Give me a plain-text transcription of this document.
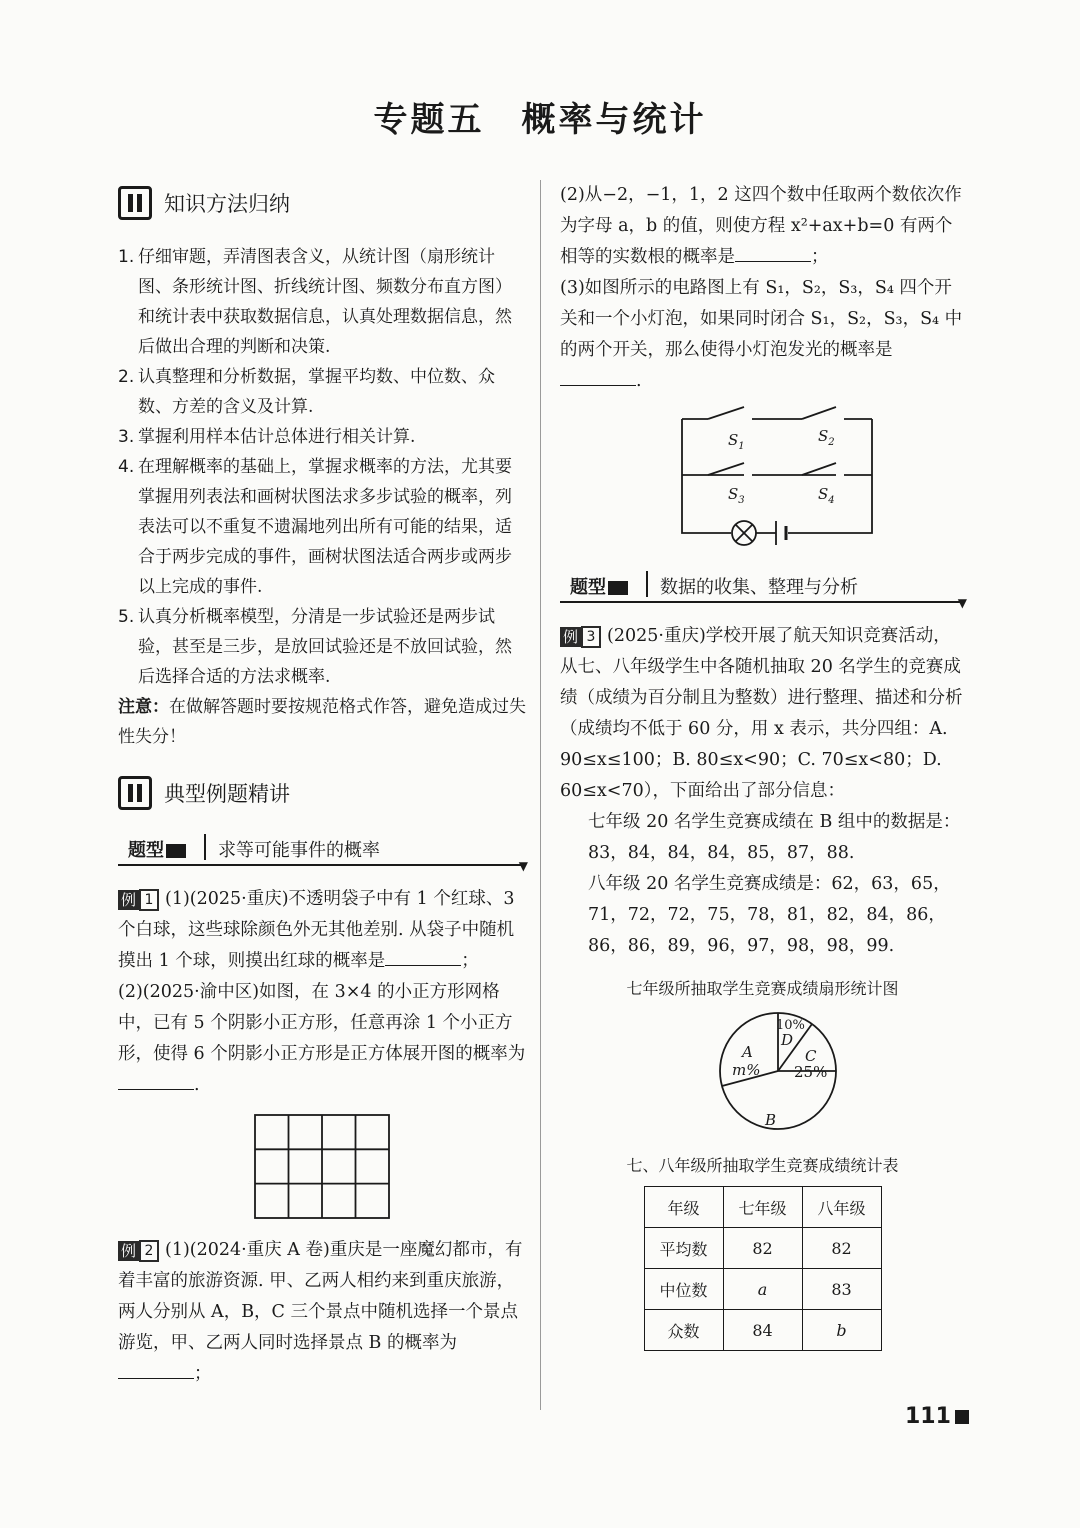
专题五　概率与统计
知识方法归纳
1. 仔细审题，弄清图表含义，从统计图（扇形统计图、条形统计图、折线统计图、频数分布直方图）和统计表中获取数据信息，认真处理数据信息，然后做出合理的判断和决策.
2. 认真整理和分析数据，掌握平均数、中位数、众数、方差的含义及计算.
3. 掌握利用样本估计总体进行相关计算.
4. 在理解概率的基础上，掌握求概率的方法，尤其要掌握用列表法和画树状图法求多步试验的概率，列表法可以不重复不遗漏地列出所有可能的结果，适合于两步完成的事件，画树状图法适合两步或两步以上完成的事件.
5. 认真分析概率模型，分清是一步试验还是两步试验，甚至是三步，是放回试验还是不放回试验，然后选择合适的方法求概率.
注意：在做解答题时要按规范格式作答，避免造成过失性失分！
典型例题精讲
题型	求等可能事件的概率
▼
例 1 (1)(2025·重庆)不透明袋子中有 1 个红球、3 个白球，这些球除颜色外无其他差别. 从袋子中随机摸出 1 个球，则摸出红球的概率是	；
(2)(2025·渝中区)如图，在 3×4 的小正方形网格中，已有 5 个阴影小正方形，任意再涂 1 个小正方形，使得 6 个阴影小正方形是正方体展开图的概率为.
例 2 (1)(2024·重庆 A 卷)重庆是一座魔幻都市，有着丰富的旅游资源. 甲、乙两人相约来到重庆旅游，两人分别从 A，B，C 三个景点中随机选择一个景点游览，甲、乙两人同时选择景点 B 的概率为；
(2)从−2，−1，1，2 这四个数中任取两个数依次作为字母 a，b 的值，则使方程 x²+ax+b=0 有两个相等的实数根的概率是	；
(3)如图所示的电路图上有 S₁，S₂，S₃，S₄ 四个开关和一个小灯泡，如果同时闭合 S₁，S₂，S₃，S₄ 中的两个开关，那么使得小灯泡发光的概率是.
$S_1$
$S_2$
$S_3$	$S_4$
题型	数据的收集、整理与分析
▼
例 3 (2025·重庆)学校开展了航天知识竞赛活动，从七、八年级学生中各随机抽取 20 名学生的竞赛成绩（成绩为百分制且为整数）进行整理、描述和分析（成绩均不低于 60 分，用 x 表示，共分四组：A. 90≤x≤100；B. 80≤x<90；C. 70≤x<80；D. 60≤x<70），下面给出了部分信息：
七年级 20 名学生竞赛成绩在 B 组中的数据是：83，84，84，84，85，87，88.
八年级 20 名学生竞赛成绩是：62，63，65，71，72，72，75，78，81，82，84，86，86，86，89，96，97，98，98，99.
七年级所抽取学生竞赛成绩扇形统计图
A
m%
B
C
25%
D
10%
七、八年级所抽取学生竞赛成绩统计表
年级	七年级	八年级
平均数	82	82
中位数	a	83
众数	84	b
111
